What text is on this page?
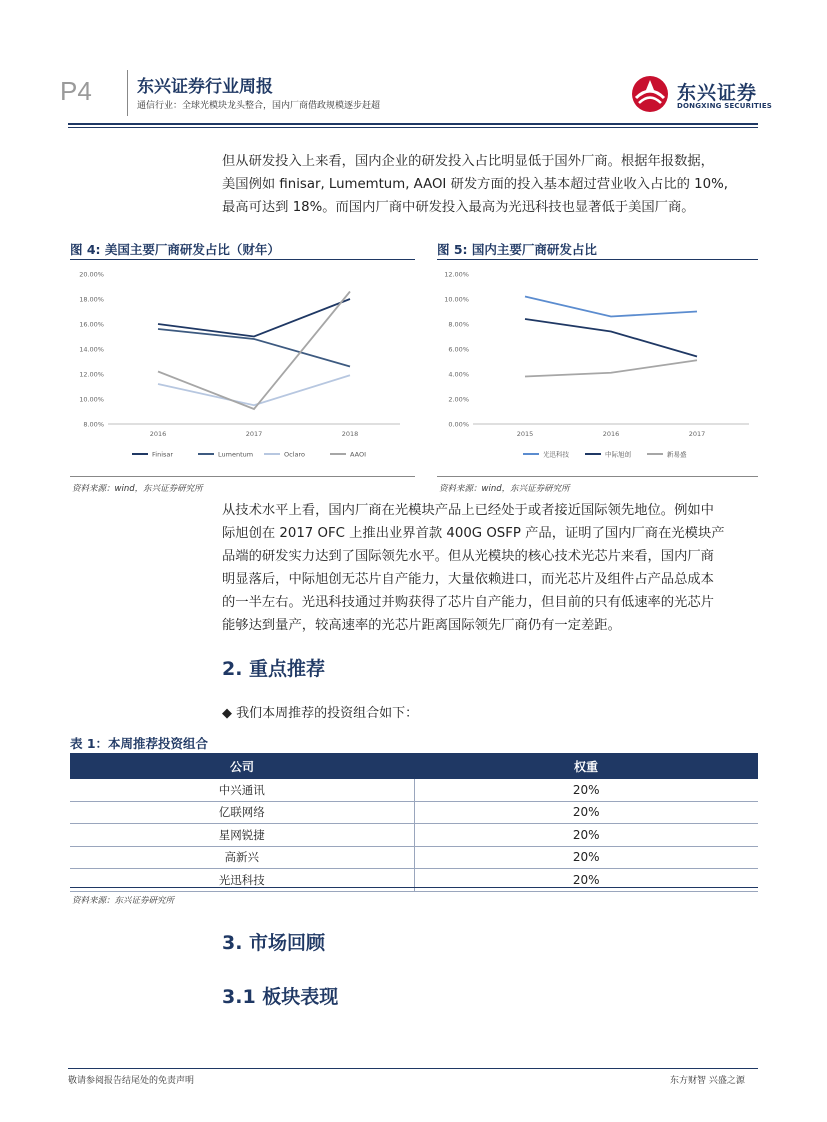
P4	东兴证券行业周报
通信行业：全球光模块龙头整合，国内厂商借政规模逐步赶超
东兴证券
DONGXING SECURITIES

但从研发投入上来看，国内企业的研发投入占比明显低于国外厂商。根据年报数据，

美国例如 finisar, Lumemtum, AAOI 研发方面的投入基本超过营业收入占比的 10%,

最高可达到 18%。而国内厂商中研发投入最高为光迅科技也显著低于美国厂商。

图 4: 美国主要厂商研发占比（财年）
8.00%
10.00%
12.00%
14.00%
16.00%
18.00%
20.00%
2016	2017	2018
Finisar	Lumentum	Oclaro	AAOI
资料来源：wind，东兴证券研究所
图 5: 国内主要厂商研发占比
0.00%
2.00%
4.00%
6.00%
8.00%
10.00%
12.00%
2015	2016	2017
光迅科技	中际旭创	新易盛
资料来源：wind，东兴证券研究所

从技术水平上看，国内厂商在光模块产品上已经处于或者接近国际领先地位。例如中

际旭创在 2017 OFC 上推出业界首款 400G OSFP 产品，证明了国内厂商在光模块产

品端的研发实力达到了国际领先水平。但从光模块的核心技术光芯片来看，国内厂商

明显落后，中际旭创无芯片自产能力，大量依赖进口，而光芯片及组件占产品总成本

的一半左右。光迅科技通过并购获得了芯片自产能力，但目前的只有低速率的光芯片

能够达到量产，较高速率的光芯片距离国际领先厂商仍有一定差距。

2. 重点推荐
◆ 我们本周推荐的投资组合如下：
表 1：本周推荐投资组合
公司	权重
中兴通讯	20%
亿联网络	20%
星网锐捷	20%
高新兴	20%
光迅科技	20%
资料来源：东兴证券研究所
3. 市场回顾
3.1 板块表现
敬请参阅报告结尾处的免责声明	东方财智 兴盛之源
